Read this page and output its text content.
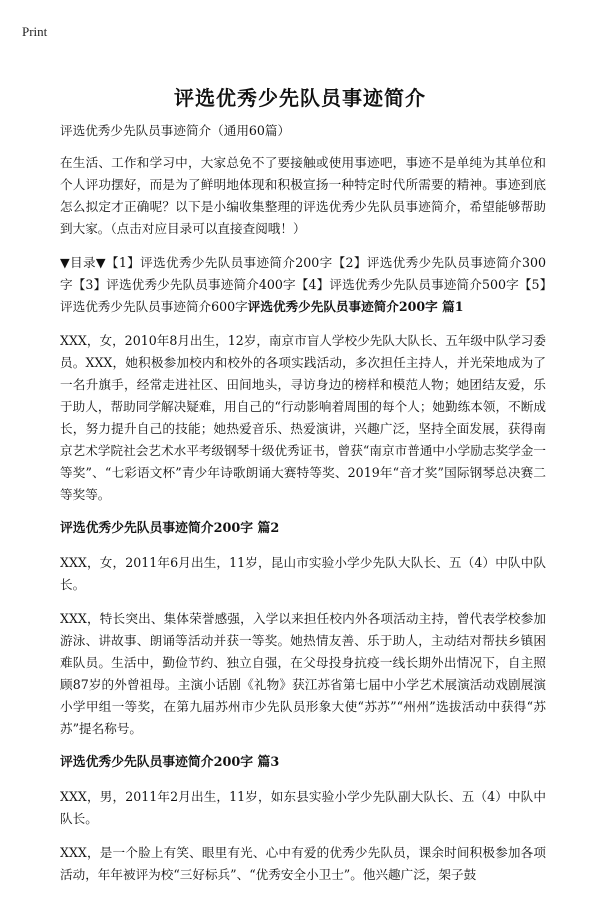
Print
评选优秀少先队员事迹简介

评选优秀少先队员事迹简介（通用60篇）

在生活、工作和学习中，大家总免不了要接触或使用事迹吧，事迹不是单纯为其单位和个人评功摆好，而是为了鲜明地体现和积极宣扬一种特定时代所需要的精神。事迹到底怎么拟定才正确呢？以下是小编收集整理的评选优秀少先队员事迹简介，希望能够帮助到大家。（点击对应目录可以直接查阅哦！）

▼目录▼【1】评选优秀少先队员事迹简介200字【2】评选优秀少先队员事迹简介300字【3】评选优秀少先队员事迹简介400字【4】评选优秀少先队员事迹简介500字【5】评选优秀少先队员事迹简介600字评选优秀少先队员事迹简介200字 篇1

XXX，女，2010年8月出生，12岁，南京市盲人学校少先队大队长、五年级中队学习委员。XXX，她积极参加校内和校外的各项实践活动，多次担任主持人，并光荣地成为了一名升旗手，经常走进社区、田间地头，寻访身边的榜样和模范人物；她团结友爱，乐于助人，帮助同学解决疑难，用自己的“行动影响着周围的每个人；她勤练本领，不断成长，努力提升自己的技能；她热爱音乐、热爱演讲，兴趣广泛，坚持全面发展，获得南京艺术学院社会艺术水平考级钢琴十级优秀证书，曾获“南京市普通中小学励志奖学金一等奖”、“七彩语文杯”青少年诗歌朗诵大赛特等奖、2019年“音才奖”国际钢琴总决赛二等奖等。

评选优秀少先队员事迹简介200字 篇2

XXX，女，2011年6月出生，11岁，昆山市实验小学少先队大队长、五（4）中队中队长。

XXX，特长突出、集体荣誉感强，入学以来担任校内外各项活动主持，曾代表学校参加游泳、讲故事、朗诵等活动并获一等奖。她热情友善、乐于助人，主动结对帮扶乡镇困难队员。生活中，勤俭节约、独立自强，在父母投身抗疫一线长期外出情况下，自主照顾87岁的外曾祖母。主演小话剧《礼物》获江苏省第七届中小学艺术展演活动戏剧展演小学甲组一等奖，在第九届苏州市少先队员形象大使“苏苏”“州州”选拔活动中获得“苏苏”提名称号。

评选优秀少先队员事迹简介200字 篇3

XXX，男，2011年2月出生，11岁，如东县实验小学少先队副大队长、五（4）中队中队长。

XXX，是一个脸上有笑、眼里有光、心中有爱的优秀少先队员，课余时间积极参加各项活动，年年被评为校“三好标兵”、“优秀安全小卫士”。他兴趣广泛，架子鼓
